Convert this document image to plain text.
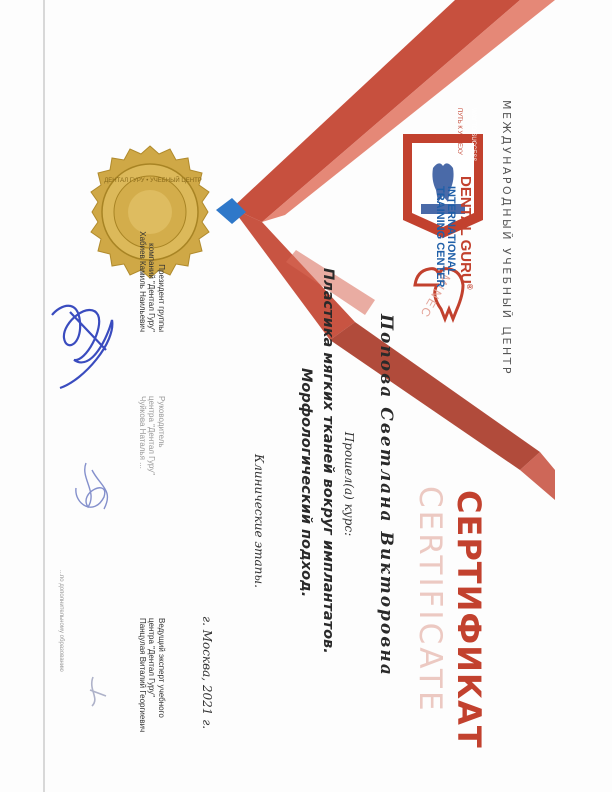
МЕЖДУНАРОДНЫЙ УЧЕБНЫЙ ЦЕНТР
СЕРТИФИКАТ
CERTIFICATE
MINEC
Попова Светлана Викторовна
Прошел(а) курс:
Пластика мягких тканей вокруг имплантатов.
Морфологический подход.
Клинические этапы.
г. Москва, 2021 г.
DENTAL GURU®
INTERNATIONAL
TRAINING CENTER
WAY TO SUCCESS
ПУТЬ К УСПЕХУ
ДЕНТАЛ ГУРУ • УЧЕБНЫЙ ЦЕНТР
Президент группы
компаний "Дентал Гуру"
Хабиев Камиль Наильевич
Руководитель
центра "Дентал Гуру"
Чуйкова Наталья ...
Ведущий эксперт учебного
центра "Дентал Гуру"
Панцулая Виталий Георгиевич
...по дополнительному образованию
